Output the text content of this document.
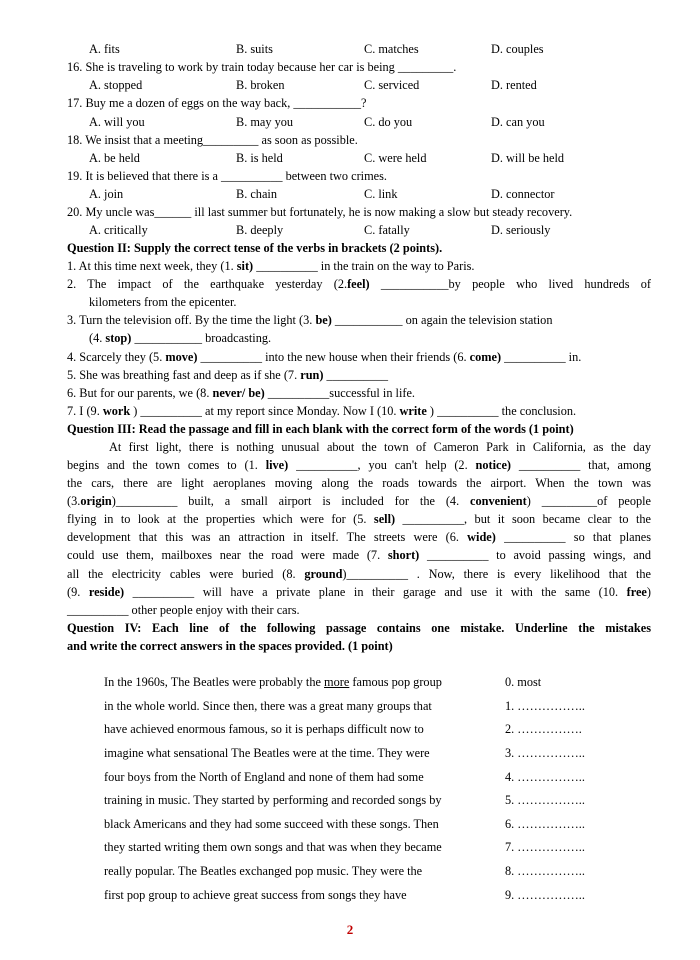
A. fits	B. suits	C. matches	D. couples
16. She is traveling to work by train today because her car is being _________.
A. stopped	B. broken	C. serviced	D. rented
17. Buy me a dozen of eggs on the way back, ___________?
A. will you	B. may you	C. do you	D. can you
18. We insist that a meeting_________ as soon as possible.
A. be held	B. is held	C. were held	D. will be held
19. It is believed that there is a __________ between two crimes.
A. join	B. chain	C. link	D. connector
20. My uncle was______ ill last summer but fortunately, he is now making a slow but steady recovery.
A. critically	B. deeply	C. fatally	D. seriously
Question II: Supply the correct tense of the verbs in brackets (2 points).
1. At this time next week, they (1. sit) __________ in the train on the way to Paris.
2. The impact of the earthquake yesterday (2.feel) ___________by people who lived hundreds of
kilometers from the epicenter.
3. Turn the television off. By the time the light (3. be) ___________ on again the television station
(4. stop) ___________ broadcasting.
4. Scarcely they (5. move) __________ into the new house when their friends (6. come) __________ in.
5. She was breathing fast and deep as if she (7. run) __________
6. But for our parents, we (8. never/ be) __________successful in life.
7. I (9. work ) __________ at my report since Monday. Now I (10. write ) __________ the conclusion.
Question III: Read the passage and fill in each blank with the correct form of the words (1 point)
At first light, there is nothing unusual about the town of Cameron Park in California, as the day
begins and the town comes to (1. live) __________, you can't help (2. notice) __________ that, among
the cars, there are light aeroplanes moving along the roads towards the airport. When the town was
(3.origin)__________ built, a small airport is included for the (4. convenient) _________of people
flying in to look at the properties which were for (5. sell) __________, but it soon became clear to the
development that this was an attraction in itself. The streets were (6. wide) __________ so that planes
could use them, mailboxes near the road were made (7. short) __________ to avoid passing wings, and
all the electricity cables were buried (8. ground)__________ . Now, there is every likelihood that the
(9. reside) __________ will have a private plane in their garage and use it with the same (10. free)
__________ other people enjoy with their cars.
Question IV: Each line of the following passage contains one mistake. Underline the mistakes
and write the correct answers in the spaces provided. (1 point)
In the 1960s, The Beatles were probably the more famous pop group	0. most
in the whole world. Since then, there was a great many groups that	1. ……………..
have achieved enormous famous, so it is perhaps difficult now to	2. …………….
imagine what sensational The Beatles were at the time. They were	3. ……………..
four boys from the North of England and none of them had some	4. ……………..
training in music. They started by performing and recorded songs by	5. ……………..
black Americans and they had some succeed with these songs. Then	6. ……………..
they started writing them own songs and that was when they became	7. ……………..
really popular. The Beatles exchanged pop music. They were the	8. ……………..
first pop group to achieve great success from songs they have	9. ……………..
2
